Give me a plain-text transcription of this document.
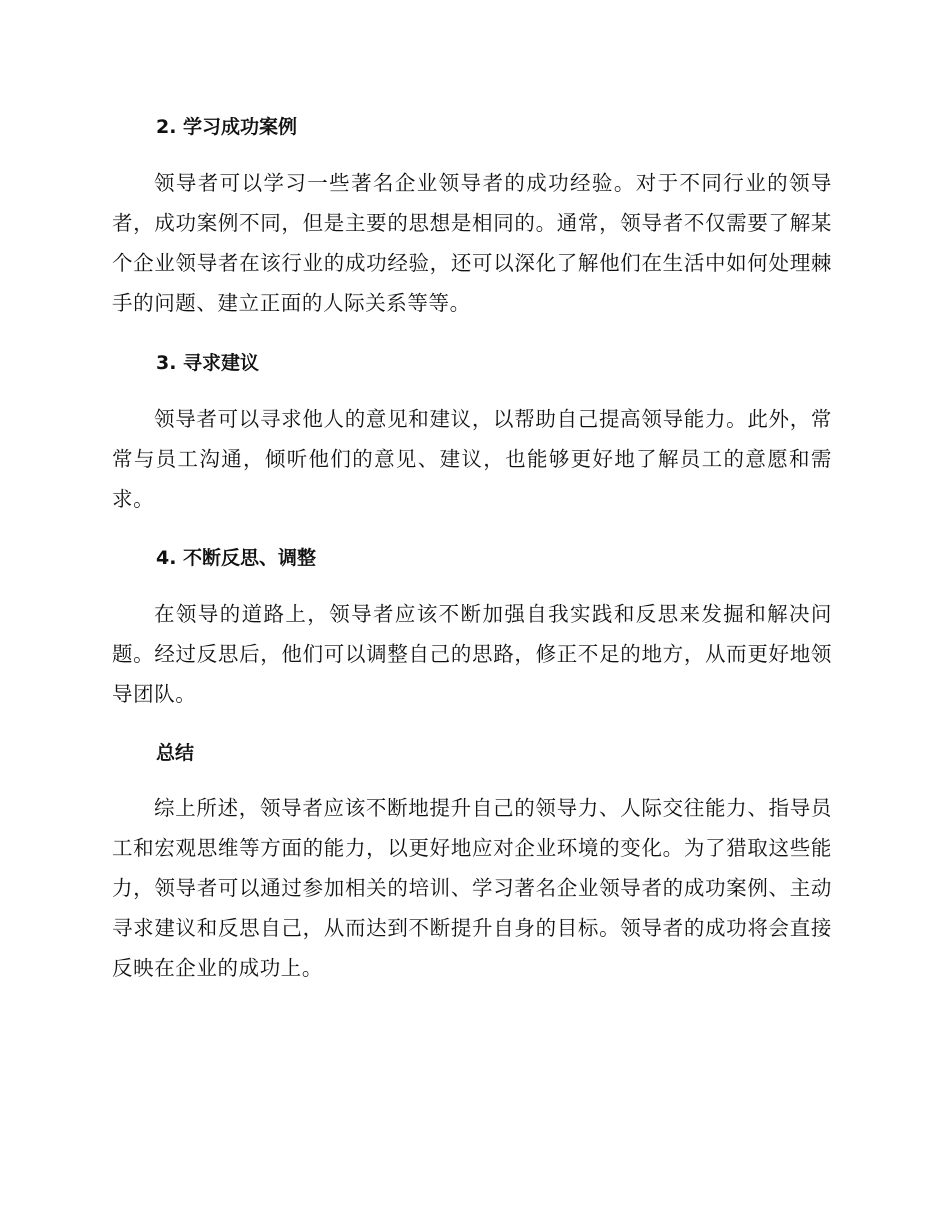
2. 学习成功案例

领导者可以学习一些著名企业领导者的成功经验。对于不同行业的领导者，成功案例不同，但是主要的思想是相同的。通常，领导者不仅需要了解某个企业领导者在该行业的成功经验，还可以深化了解他们在生活中如何处理棘手的问题、建立正面的人际关系等等。

3. 寻求建议

领导者可以寻求他人的意见和建议，以帮助自己提高领导能力。此外，常常与员工沟通，倾听他们的意见、建议，也能够更好地了解员工的意愿和需求。

4. 不断反思、调整

在领导的道路上，领导者应该不断加强自我实践和反思来发掘和解决问题。经过反思后，他们可以调整自己的思路，修正不足的地方，从而更好地领导团队。

总结

综上所述，领导者应该不断地提升自己的领导力、人际交往能力、指导员工和宏观思维等方面的能力，以更好地应对企业环境的变化。为了猎取这些能力，领导者可以通过参加相关的培训、学习著名企业领导者的成功案例、主动寻求建议和反思自己，从而达到不断提升自身的目标。领导者的成功将会直接反映在企业的成功上。
